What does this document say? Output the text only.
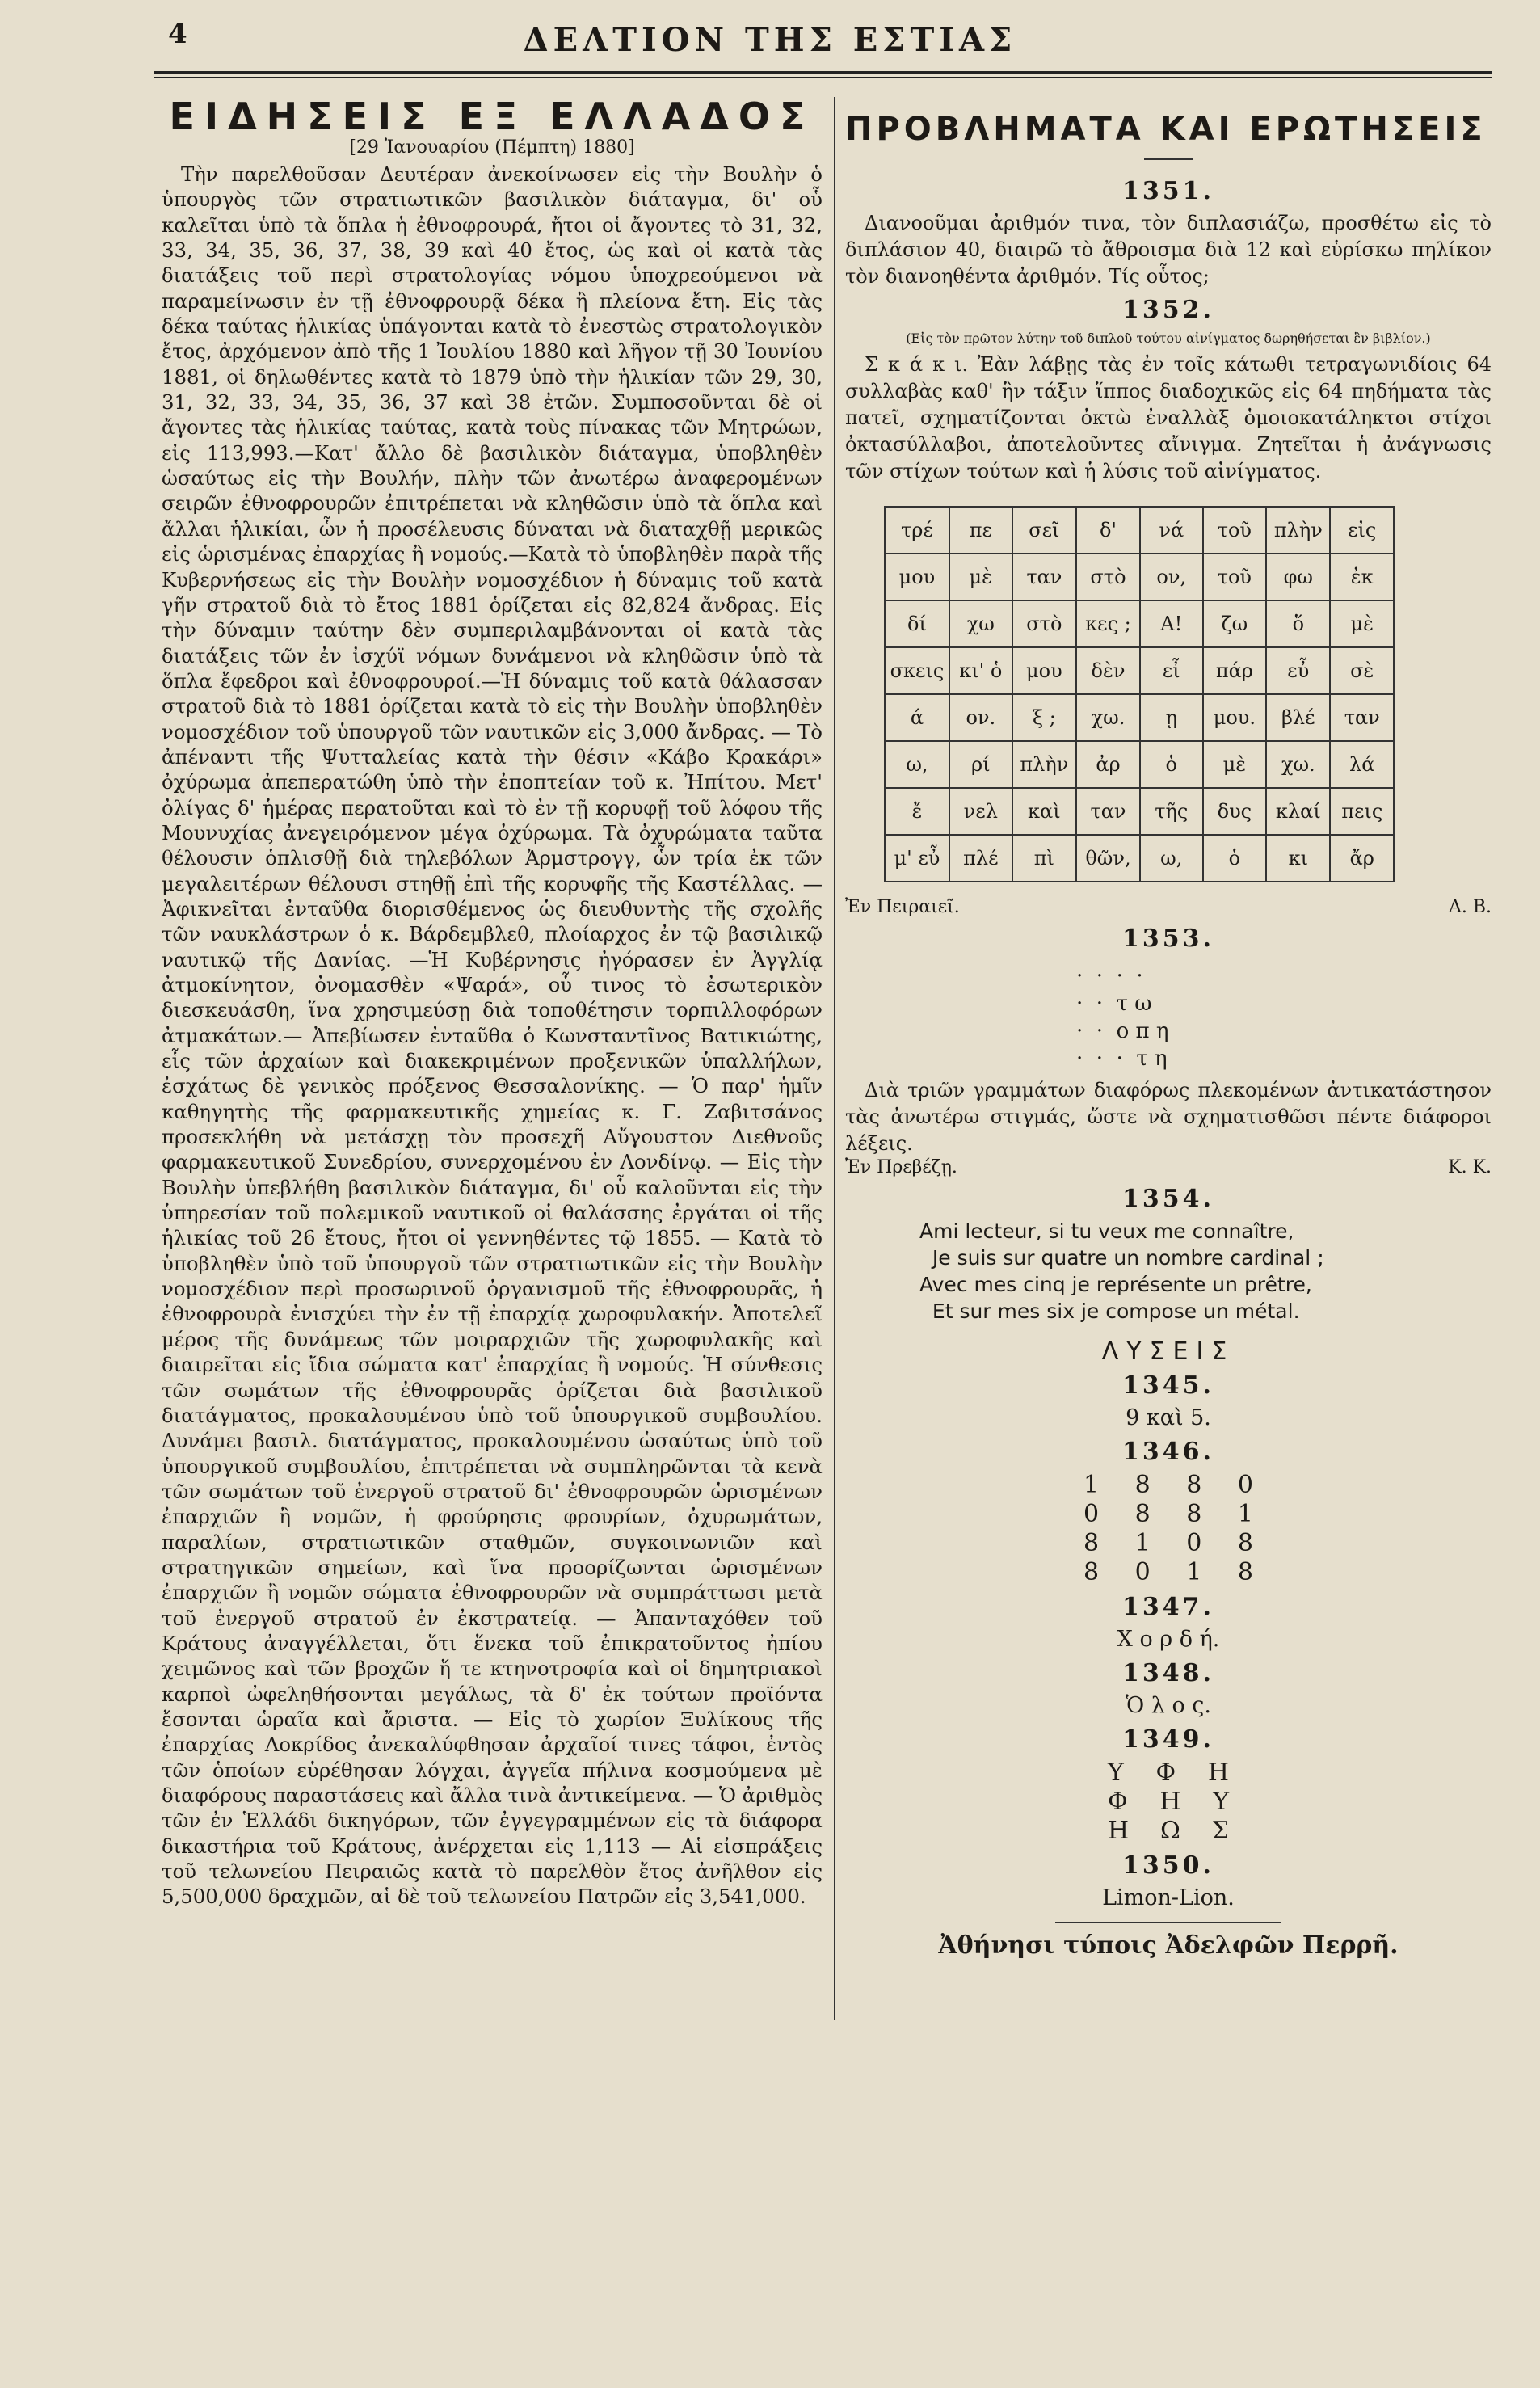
4	ΔΕΛΤΙΟΝ ΤΗΣ ΕΣΤΙΑΣ
ΕΙΔΗΣΕΙΣ ΕΞ ΕΛΛΑΔΟΣ

[29 Ἰανουαρίου (Πέμπτη) 1880]

Τὴν παρελθοῦσαν Δευτέραν ἀνεκοίνωσεν εἰς τὴν Βουλὴν ὁ ὑπουργὸς τῶν στρατιωτικῶν βασιλικὸν διάταγμα, δι' οὗ καλεῖται ὑπὸ τὰ ὅπλα ἡ ἐθνοφρουρά, ἤτοι οἱ ἄγοντες τὸ 31, 32, 33, 34, 35, 36, 37, 38, 39 καὶ 40 ἔτος, ὡς καὶ οἱ κατὰ τὰς διατάξεις τοῦ περὶ στρατολογίας νόμου ὑποχρεούμενοι νὰ παραμείνωσιν ἐν τῇ ἐθνοφρουρᾷ δέκα ἢ πλείονα ἔτη. Εἰς τὰς δέκα ταύτας ἡλικίας ὑπάγονται κατὰ τὸ ἐνεστὼς στρατολογικὸν ἔτος, ἀρχόμενον ἀπὸ τῆς 1 Ἰουλίου 1880 καὶ λῆγον τῇ 30 Ἰουνίου 1881, οἱ δηλωθέντες κατὰ τὸ 1879 ὑπὸ τὴν ἡλικίαν τῶν 29, 30, 31, 32, 33, 34, 35, 36, 37 καὶ 38 ἐτῶν. Συμποσοῦνται δὲ οἱ ἄγοντες τὰς ἡλικίας ταύτας, κατὰ τοὺς πίνακας τῶν Μητρώων, εἰς 113,993.—Κατ' ἄλλο δὲ βασιλικὸν διάταγμα, ὑποβληθὲν ὡσαύτως εἰς τὴν Βουλήν, πλὴν τῶν ἀνωτέρω ἀναφερομένων σειρῶν ἐθνοφρουρῶν ἐπιτρέπεται νὰ κληθῶσιν ὑπὸ τὰ ὅπλα καὶ ἄλλαι ἡλικίαι, ὧν ἡ προσέλευσις δύναται νὰ διαταχθῇ μερικῶς εἰς ὡρισμένας ἐπαρχίας ἢ νομούς.—Κατὰ τὸ ὑποβληθὲν παρὰ τῆς Κυβερνήσεως εἰς τὴν Βουλὴν νομοσχέδιον ἡ δύναμις τοῦ κατὰ γῆν στρατοῦ διὰ τὸ ἔτος 1881 ὁρίζεται εἰς 82,824 ἄνδρας. Εἰς τὴν δύναμιν ταύτην δὲν συμπεριλαμβάνονται οἱ κατὰ τὰς διατάξεις τῶν ἐν ἰσχύϊ νόμων δυνάμενοι νὰ κληθῶσιν ὑπὸ τὰ ὅπλα ἔφεδροι καὶ ἐθνοφρουροί.—Ἡ δύναμις τοῦ κατὰ θάλασσαν στρατοῦ διὰ τὸ 1881 ὁρίζεται κατὰ τὸ εἰς τὴν Βουλὴν ὑποβληθὲν νομοσχέδιον τοῦ ὑπουργοῦ τῶν ναυτικῶν εἰς 3,000 ἄνδρας. — Τὸ ἀπέναντι τῆς Ψυτταλείας κατὰ τὴν θέσιν «Κάβο Κρακάρι» ὀχύρωμα ἀπεπερατώθη ὑπὸ τὴν ἐποπτείαν τοῦ κ. Ἠπίτου. Μετ' ὀλίγας δ' ἡμέρας περατοῦται καὶ τὸ ἐν τῇ κορυφῇ τοῦ λόφου τῆς Μουνυχίας ἀνεγειρόμενον μέγα ὀχύρωμα. Τὰ ὀχυρώματα ταῦτα θέλουσιν ὁπλισθῇ διὰ τηλεβόλων Ἀρμστρογγ, ὧν τρία ἐκ τῶν μεγαλειτέρων θέλουσι στηθῇ ἐπὶ τῆς κορυφῆς τῆς Καστέλλας. —Ἀφικνεῖται ἐνταῦθα διορισθέμενος ὡς διευθυντὴς τῆς σχολῆς τῶν ναυκλάστρων ὁ κ. Βάρδεμβλεθ, πλοίαρχος ἐν τῷ βασιλικῷ ναυτικῷ τῆς Δανίας. —Ἡ Κυβέρνησις ἠγόρασεν ἐν Ἀγγλίᾳ ἀτμοκίνητον, ὀνομασθὲν «Ψαρά», οὗ τινος τὸ ἐσωτερικὸν διεσκευάσθη, ἵνα χρησιμεύσῃ διὰ τοποθέτησιν τορπιλλοφόρων ἀτμακάτων.— Ἀπεβίωσεν ἐνταῦθα ὁ Κωνσταντῖνος Βατικιώτης, εἷς τῶν ἀρχαίων καὶ διακεκριμένων προξενικῶν ὑπαλλήλων, ἐσχάτως δὲ γενικὸς πρόξενος Θεσσαλονίκης. — Ὁ παρ' ἡμῖν καθηγητὴς τῆς φαρμακευτικῆς χημείας κ. Γ. Ζαβιτσάνος προσεκλήθη νὰ μετάσχῃ τὸν προσεχῆ Αὔγουστον Διεθνοῦς φαρμακευτικοῦ Συνεδρίου, συνερχομένου ἐν Λονδίνῳ. — Εἰς τὴν Βουλὴν ὑπεβλήθη βασιλικὸν διάταγμα, δι' οὗ καλοῦνται εἰς τὴν ὑπηρεσίαν τοῦ πολεμικοῦ ναυτικοῦ οἱ θαλάσσης ἐργάται οἱ τῆς ἡλικίας τοῦ 26 ἔτους, ἤτοι οἱ γεννηθέντες τῷ 1855. — Κατὰ τὸ ὑποβληθὲν ὑπὸ τοῦ ὑπουργοῦ τῶν στρατιωτικῶν εἰς τὴν Βουλὴν νομοσχέδιον περὶ προσωρινοῦ ὀργανισμοῦ τῆς ἐθνοφρουρᾶς, ἡ ἐθνοφρουρὰ ἐνισχύει τὴν ἐν τῇ ἐπαρχίᾳ χωροφυλακήν. Ἀποτελεῖ μέρος τῆς δυνάμεως τῶν μοιραρχιῶν τῆς χωροφυλακῆς καὶ διαιρεῖται εἰς ἴδια σώματα κατ' ἐπαρχίας ἢ νομούς. Ἡ σύνθεσις τῶν σωμάτων τῆς ἐθνοφρουρᾶς ὁρίζεται διὰ βασιλικοῦ διατάγματος, προκαλουμένου ὑπὸ τοῦ ὑπουργικοῦ συμβουλίου. Δυνάμει βασιλ. διατάγματος, προκαλουμένου ὡσαύτως ὑπὸ τοῦ ὑπουργικοῦ συμβουλίου, ἐπιτρέπεται νὰ συμπληρῶνται τὰ κενὰ τῶν σωμάτων τοῦ ἐνεργοῦ στρατοῦ δι' ἐθνοφρουρῶν ὡρισμένων ἐπαρχιῶν ἢ νομῶν, ἡ φρούρησις φρουρίων, ὀχυρωμάτων, παραλίων, στρατιωτικῶν σταθμῶν, συγκοινωνιῶν καὶ στρατηγικῶν σημείων, καὶ ἵνα προορίζωνται ὡρισμένων ἐπαρχιῶν ἢ νομῶν σώματα ἐθνοφρουρῶν νὰ συμπράττωσι μετὰ τοῦ ἐνεργοῦ στρατοῦ ἐν ἐκστρατείᾳ. — Ἀπανταχόθεν τοῦ Κράτους ἀναγγέλλεται, ὅτι ἕνεκα τοῦ ἐπικρατοῦντος ἠπίου χειμῶνος καὶ τῶν βροχῶν ἥ τε κτηνοτροφία καὶ οἱ δημητριακοὶ καρποὶ ὠφεληθήσονται μεγάλως, τὰ δ' ἐκ τούτων προϊόντα ἔσονται ὡραῖα καὶ ἄριστα. — Εἰς τὸ χωρίον Ξυλίκους τῆς ἐπαρχίας Λοκρίδος ἀνεκαλύφθησαν ἀρχαῖοί τινες τάφοι, ἐντὸς τῶν ὁποίων εὑρέθησαν λόγχαι, ἀγγεῖα πήλινα κοσμούμενα μὲ διαφόρους παραστάσεις καὶ ἄλλα τινὰ ἀντικείμενα. — Ὁ ἀριθμὸς τῶν ἐν Ἑλλάδι δικηγόρων, τῶν ἐγγεγραμμένων εἰς τὰ διάφορα δικαστήρια τοῦ Κράτους, ἀνέρχεται εἰς 1,113 — Αἱ εἰσπράξεις τοῦ τελωνείου Πειραιῶς κατὰ τὸ παρελθὸν ἔτος ἀνῆλθον εἰς 5,500,000 δραχμῶν, αἱ δὲ τοῦ τελωνείου Πατρῶν εἰς 3,541,000.

ΠΡΟΒΛΗΜΑΤΑ ΚΑΙ ΕΡΩΤΗΣΕΙΣ
1351.

Διανοοῦμαι ἀριθμόν τινα, τὸν διπλασιάζω, προσθέτω εἰς τὸ διπλάσιον 40, διαιρῶ τὸ ἄθροισμα διὰ 12 καὶ εὑρίσκω πηλίκον τὸν διανοηθέντα ἀριθμόν. Τίς οὗτος;

1352.

(Εἰς τὸν πρῶτον λύτην τοῦ διπλοῦ τούτου αἰνίγματος δωρηθήσεται ἓν βιβλίον.)

Σ κ ά κ ι. Ἐὰν λάβῃς τὰς ἐν τοῖς κάτωθι τετραγωνιδίοις 64 συλλαβὰς καθ' ἣν τάξιν ἵππος διαδοχικῶς εἰς 64 πηδήματα τὰς πατεῖ, σχηματίζονται ὀκτὼ ἐναλλὰξ ὁμοιοκατάληκτοι στίχοι ὀκτασύλλαβοι, ἀποτελοῦντες αἴνιγμα. Ζητεῖται ἡ ἀνάγνωσις τῶν στίχων τούτων καὶ ἡ λύσις τοῦ αἰνίγματος.

τρέ	πε	σεῖ	δ'	νά	τοῦ	πλὴν	εἰς
μου	μὲ	ταν	στὸ	ον,	τοῦ	φω	ἐκ
δί	χω	στὸ	κες ;	Α!	ζω	ὅ	μὲ
σκεις	κι' ὁ	μου	δὲν	εἶ	πάρ	εὖ	σὲ
ά	ον.	ξ ;	χω.	ῃ	μου.	βλέ	ταν
ω,	ρί	πλὴν	ἀρ	ὁ	μὲ	χω.	λά
ἔ	νελ	καὶ	ταν	τῆς	δυς	κλαί	πεις
μ' εὖ	πλέ	πὶ	θῶν,	ω,	ὁ	κι	ἄρ
Ἐν Πειραιεῖ.	Α. Β.
1353.
·  ·  ·  ·
·  ·  τ ω
·  ·  ο π η
·  ·  ·  τ η

Διὰ τριῶν γραμμάτων διαφόρως πλεκομένων ἀντικατάστησον τὰς ἀνωτέρω στιγμάς, ὥστε νὰ σχηματισθῶσι πέντε διάφοροι λέξεις.

Ἐν Πρεβέζῃ.	Κ. Κ.
1354.
Ami lecteur, si tu veux me connaître,
Je suis sur quatre un nombre cardinal ;
Avec mes cinq je représente un prêtre,
Et sur mes six je compose un métal.
ΛΥΣΕΙΣ
1345.

9 καὶ 5.

1346.
1 8 8 0
0 8 8 1
8 1 0 8
8 0 1 8
1347.

Χ ο ρ δ ή.

1348.

Ὁ λ ο ς.

1349.
Υ Φ Η
Φ Η Υ
Η Ω Σ
1350.

Limon-Lion.

Ἀθήνησι τύποις Ἀδελφῶν Περρῆ.
